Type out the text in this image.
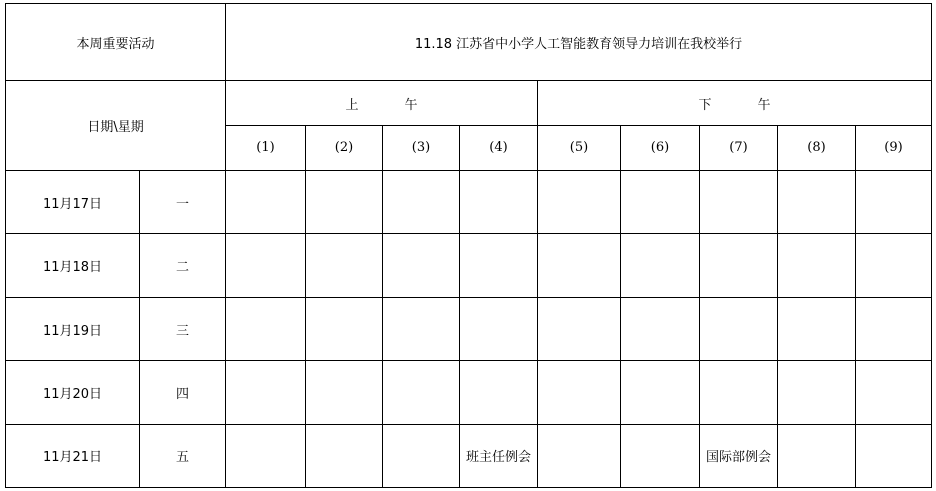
本周重要活动		11.18 江苏省中小学人工智能教育领导力培训在我校举行								
日期\星期		上 午				下 午				
		(1)	(2)	(3)	(4)	(5)	(6)	(7)	(8)	(9)
11月17日	一									
11月18日	二									
11月19日	三									
11月20日	四									
11月21日	五				班主任例会			国际部例会		
